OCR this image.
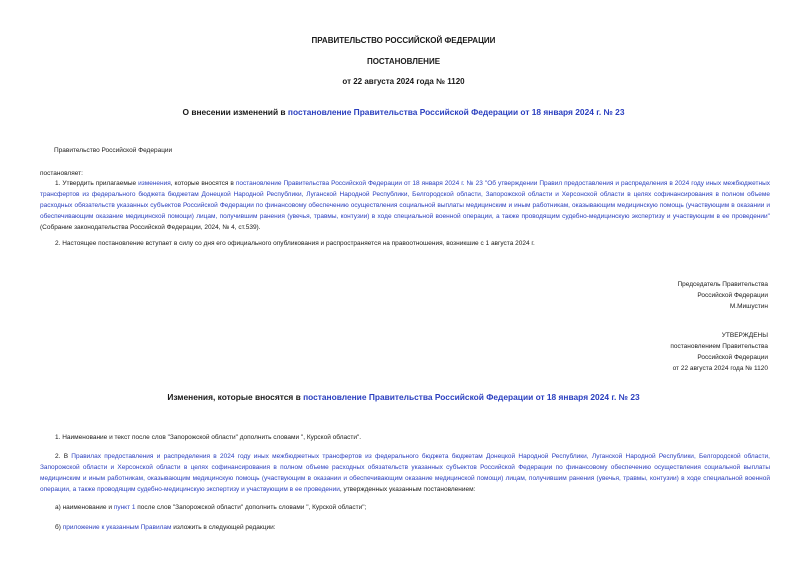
ПРАВИТЕЛЬСТВО РОССИЙСКОЙ ФЕДЕРАЦИИ
ПОСТАНОВЛЕНИЕ
от 22 августа 2024 года № 1120
О внесении изменений в постановление Правительства Российской Федерации от 18 января 2024 г. № 23
Правительство Российской Федерации
постановляет:
1. Утвердить прилагаемые изменения, которые вносятся в постановление Правительства Российской Федерации от 18 января 2024 г. № 23 "Об утверждении Правил предоставления и распределения в 2024 году иных межбюджетных трансфертов из федерального бюджета бюджетам Донецкой Народной Республики, Луганской Народной Республики, Белгородской области, Запорожской области и Херсонской области в целях софинансирования в полном объеме расходных обязательств указанных субъектов Российской Федерации по финансовому обеспечению осуществления социальной выплаты медицинским и иным работникам, оказывающим медицинскую помощь (участвующим в оказании и обеспечивающим оказание медицинской помощи) лицам, получившим ранения (увечья, травмы, контузии) в ходе специальной военной операции, а также проводящим судебно-медицинскую экспертизу и участвующим в ее проведении" (Собрание законодательства Российской Федерации, 2024, № 4, ст.539).
2. Настоящее постановление вступает в силу со дня его официального опубликования и распространяется на правоотношения, возникшие с 1 августа 2024 г.
Председатель Правительства
Российской Федерации
М.Мишустин
УТВЕРЖДЕНЫ
постановлением Правительства
Российской Федерации
от 22 августа 2024 года № 1120
Изменения, которые вносятся в постановление Правительства Российской Федерации от 18 января 2024 г. № 23
1. Наименование и текст после слов "Запорожской области" дополнить словами ", Курской области".
2. В Правилах предоставления и распределения в 2024 году иных межбюджетных трансфертов из федерального бюджета бюджетам Донецкой Народной Республики, Луганской Народной Республики, Белгородской области, Запорожской области и Херсонской области в целях софинансирования в полном объеме расходных обязательств указанных субъектов Российской Федерации по финансовому обеспечению осуществления социальной выплаты медицинским и иным работникам, оказывающим медицинскую помощь (участвующим в оказании и обеспечивающим оказание медицинской помощи) лицам, получившим ранения (увечья, травмы, контузии) в ходе специальной военной операции, а также проводящим судебно-медицинскую экспертизу и участвующим в ее проведении, утвержденных указанным постановлением:
а) наименование и пункт 1 после слов "Запорожской области" дополнить словами ", Курской области";
б) приложение к указанным Правилам изложить в следующей редакции:
